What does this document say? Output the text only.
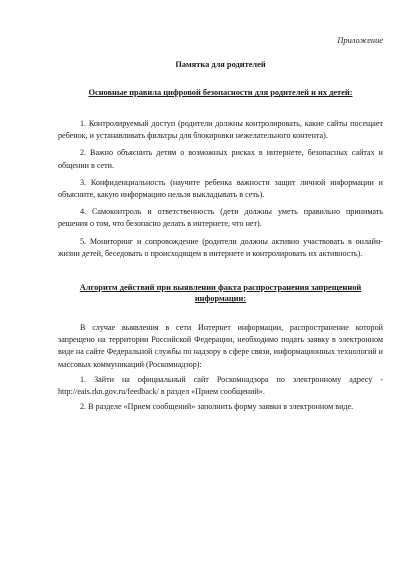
Приложение
Памятка для родителей
Основные правила цифровой безопасности для родителей и их детей:

1. Контролируемый доступ (родители должны контролировать, какие сайты посещает ребенок, и устанавливать фильтры для блокировки нежелательного контента).

2. Важно объяснить детям о возможных рисках в интернете, безопасных сайтах и общении в сети.

3. Конфиденциальность (научите ребенка важности защит личной информации и объясните, какую информацию нельзя выкладывать в сеть).

4. Самоконтроль и ответственность (дети должны уметь правильно принимать решения о том, что безопасно делать в интернете, что нет).

5. Мониторинг и сопровождение (родители должны активно участвовать в онлайн-жизни детей, беседовать о происходящем в интернете и контролировать их активность).

Алгоритм действий при выявлении факта распространения запрещенной информации:

В случае выявления в сети Интернет информации, распространение которой запрещено на территории Российской Федерации, необходимо подать заявку в электронном виде на сайте Федеральной службы по надзору в сфере связи, информационных технологий и массовых коммуникаций (Роскомнадзор):

1. Зайти на официальный сайт Роскомнадзора по электронному адресу - http://eais.rkn.gov.ru/feedback/ в раздел «Прием сообщений».

2. В разделе «Прием сообщений» заполнить форму заявки в электронном виде.
